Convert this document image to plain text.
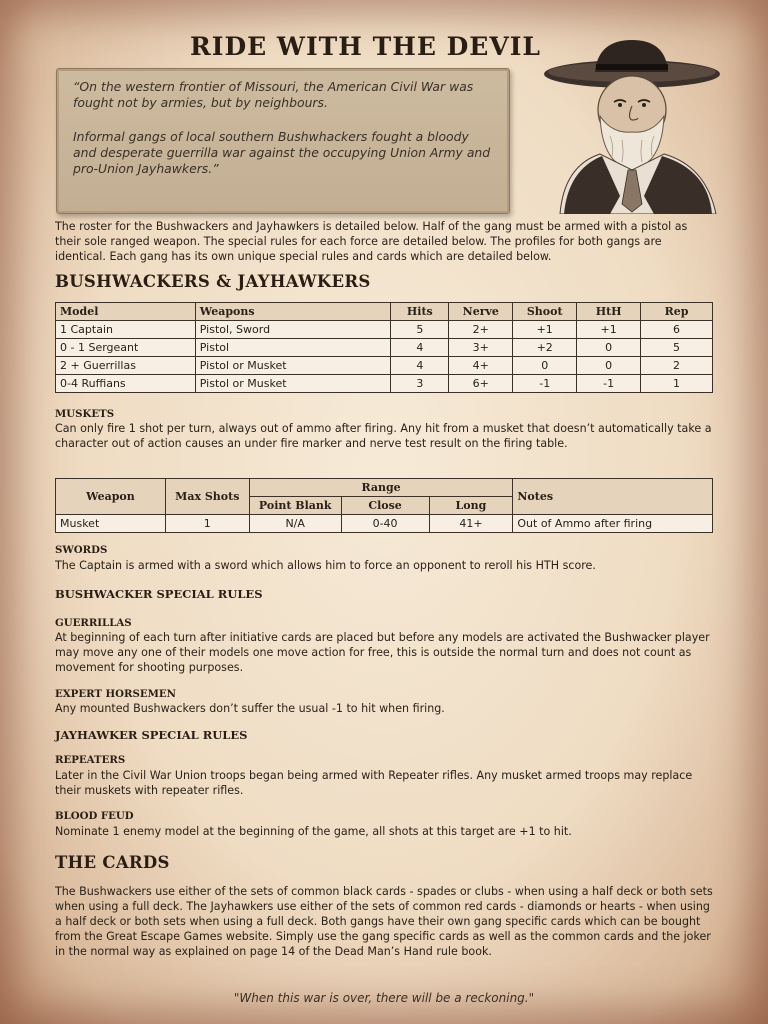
RIDE WITH THE DEVIL

“On the western frontier of Missouri, the American Civil War was fought not by armies, but by neighbours.

Informal gangs of local southern Bushwhackers fought a bloody and desperate guerrilla war against the occupying Union Army and pro-Union Jayhawkers.”

The roster for the Bushwackers and Jayhawkers is detailed below. Half of the gang must be armed with a pistol as their sole ranged weapon. The special rules for each force are detailed below. The profiles for both gangs are identical. Each gang has its own unique special rules and cards which are detailed below.

BUSHWACKERS & JAYHAWKERS
Model	Weapons	Hits	Nerve	Shoot	HtH	Rep
1 Captain	Pistol, Sword	5	2+	+1	+1	6
0 - 1 Sergeant	Pistol	4	3+	+2	0	5
2 + Guerrillas	Pistol or Musket	4	4+	0	0	2
0-4 Ruffians	Pistol or Musket	3	6+	-1	-1	1
MUSKETS

Can only fire 1 shot per turn, always out of ammo after firing. Any hit from a musket that doesn’t automatically take a character out of action causes an under fire marker and nerve test result on the firing table.

Weapon	Max Shots	Range			Notes
		Point Blank	Close	Long	
Musket	1	N/A	0-40	41+	Out of Ammo after firing
SWORDS

The Captain is armed with a sword which allows him to force an opponent to reroll his HTH score.

BUSHWACKER SPECIAL RULES
GUERRILLAS

At beginning of each turn after initiative cards are placed but before any models are activated the Bushwacker player may move any one of their models one move action for free, this is outside the normal turn and does not count as movement for shooting purposes.

EXPERT HORSEMEN

Any mounted Bushwackers don’t suffer the usual -1 to hit when firing.

JAYHAWKER SPECIAL RULES
REPEATERS

Later in the Civil War Union troops began being armed with Repeater rifles. Any musket armed troops may replace their muskets with repeater rifles.

BLOOD FEUD

Nominate 1 enemy model at the beginning of the game, all shots at this target are +1 to hit.

THE CARDS

The Bushwackers use either of the sets of common black cards - spades or clubs - when using a half deck or both sets when using a full deck. The Jayhawkers use either of the sets of common red cards - diamonds or hearts - when using a half deck or both sets when using a full deck. Both gangs have their own gang specific cards which can be bought from the Great Escape Games website. Simply use the gang specific cards as well as the common cards and the joker in the normal way as explained on page 14 of the Dead Man’s Hand rule book.

"When this war is over, there will be a reckoning."
